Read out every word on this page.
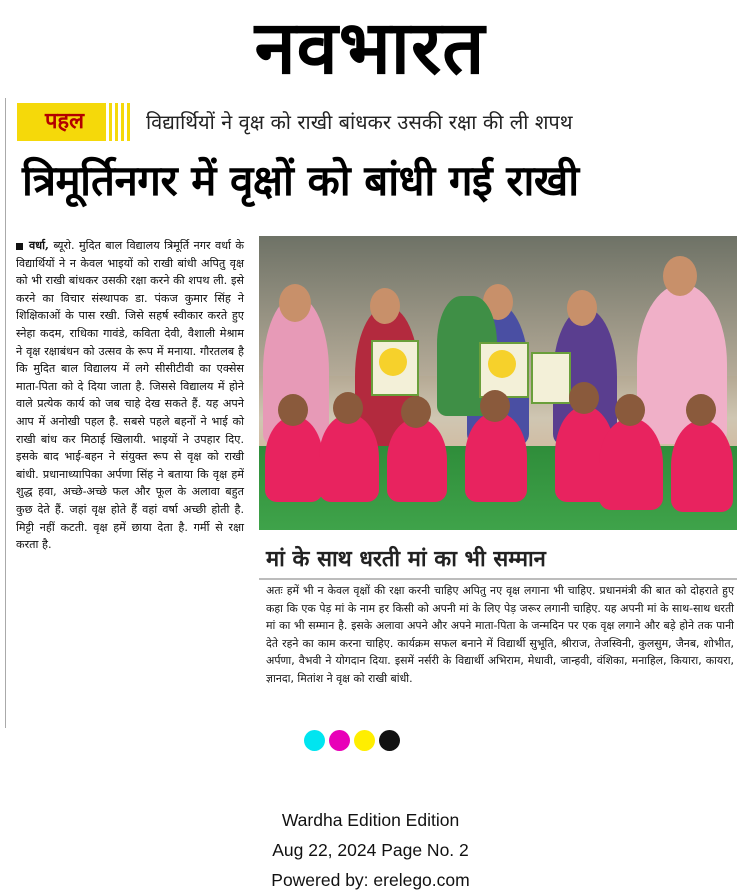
नवभारत
पहल	विद्यार्थियों ने वृक्ष को राखी बांधकर उसकी रक्षा की ली शपथ
त्रिमूर्तिनगर में वृक्षों को बांधी गई राखी
वर्धा, ब्यूरो. मुदित बाल विद्यालय त्रिमूर्ति नगर वर्धा के विद्यार्थियों ने न केवल भाइयों को राखी बांधी अपितु वृक्ष को भी राखी बांधकर उसकी रक्षा करने की शपथ ली. इसे करने का विचार संस्थापक डा. पंकज कुमार सिंह ने शिक्षिकाओं के पास रखी. जिसे सहर्ष स्वीकार करते हुए स्नेहा कदम, राधिका गावंडे, कविता देवी, वैशाली मेश्राम ने वृक्ष रक्षाबंधन को उत्सव के रूप में मनाया. गौरतलब है कि मुदित बाल विद्यालय में लगे सीसीटीवी का एक्सेस माता-पिता को दे दिया जाता है. जिससे विद्यालय में होने वाले प्रत्येक कार्य को जब चाहे देख सकते हैं. यह अपने आप में अनोखी पहल है. सबसे पहले बहनों ने भाई को राखी बांध कर मिठाई खिलायी. भाइयों ने उपहार दिए. इसके बाद भाई-बहन ने संयुक्त रूप से वृक्ष को राखी बांधी. प्रधानाध्यापिका अर्पणा सिंह ने बताया कि वृक्ष हमें शुद्ध हवा, अच्छे-अच्छे फल और फूल के अलावा बहुत कुछ देते हैं. जहां वृक्ष होते हैं वहां वर्षा अच्छी होती है. मिट्टी नहीं कटती. वृक्ष हमें छाया देता है. गर्मी से रक्षा करता है.
मां के साथ धरती मां का भी सम्मान
अतः हमें भी न केवल वृक्षों की रक्षा करनी चाहिए अपितु नए वृक्ष लगाना भी चाहिए. प्रधानमंत्री की बात को दोहराते हुए कहा कि एक पेड़ मां के नाम हर किसी को अपनी मां के लिए पेड़ जरूर लगानी चाहिए. यह अपनी मां के साथ-साथ धरती मां का भी सम्मान है. इसके अलावा अपने और अपने माता-पिता के जन्मदिन पर एक वृक्ष लगाने और बड़े होने तक पानी देते रहने का काम करना चाहिए. कार्यक्रम सफल बनाने में विद्यार्थी सुभूति, श्रीराज, तेजस्विनी, कुलसुम, जैनब, शोभीत, अर्पणा, वैभवी ने योगदान दिया. इसमें नर्सरी के विद्यार्थी अभिराम, मेधावी, जान्हवी, वंशिका, मनाहिल, कियारा, कायरा, ज्ञानदा, मितांश ने वृक्ष को राखी बांधी.
Wardha Edition Edition
Aug 22, 2024 Page No. 2
Powered by: erelego.com
